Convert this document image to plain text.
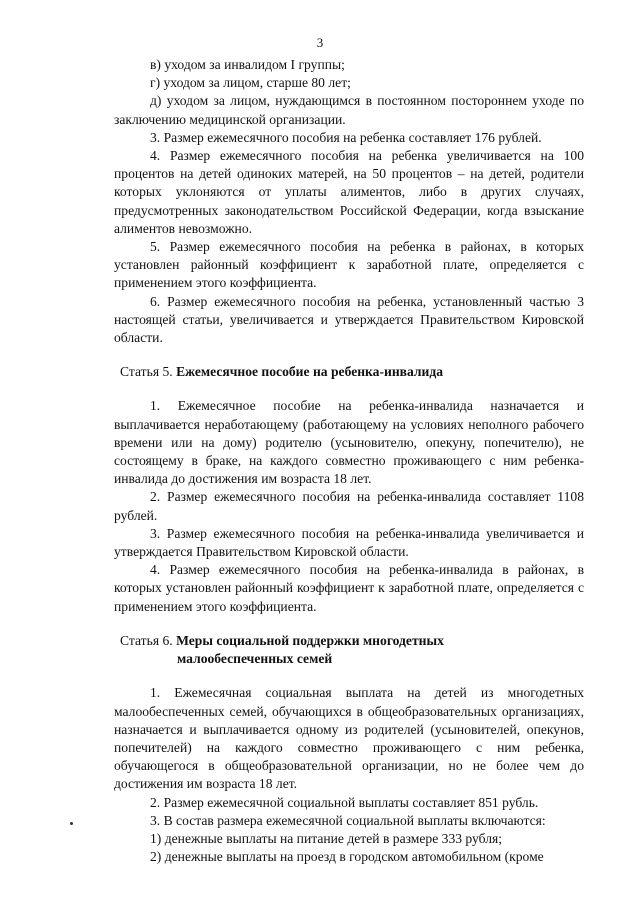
3

в) уходом за инвалидом I группы;

г) уходом за лицом, старше 80 лет;

д) уходом за лицом, нуждающимся в постоянном постороннем уходе по заключению медицинской организации.

3. Размер ежемесячного пособия на ребенка составляет 176 рублей.

4. Размер ежемесячного пособия на ребенка увеличивается на 100 процентов на детей одиноких матерей, на 50 процентов – на детей, родители которых уклоняются от уплаты алиментов, либо в других случаях, предусмотренных законодательством Российской Федерации, когда взыскание алиментов невозможно.

5. Размер ежемесячного пособия на ребенка в районах, в которых установлен районный коэффициент к заработной плате, определяется с применением этого коэффициента.

6. Размер ежемесячного пособия на ребенка, установленный частью 3 настоящей статьи, увеличивается и утверждается Правительством Кировской области.

Статья 5. Ежемесячное пособие на ребенка-инвалида

1. Ежемесячное пособие на ребенка-инвалида назначается и выплачивается неработающему (работающему на условиях неполного рабочего времени или на дому) родителю (усыновителю, опекуну, попечителю), не состоящему в браке, на каждого совместно проживающего с ним ребенка-инвалида до достижения им возраста 18 лет.

2. Размер ежемесячного пособия на ребенка-инвалида составляет 1108 рублей.

3. Размер ежемесячного пособия на ребенка-инвалида увеличивается и утверждается Правительством Кировской области.

4. Размер ежемесячного пособия на ребенка-инвалида в районах, в которых установлен районный коэффициент к заработной плате, определяется с применением этого коэффициента.

Статья 6. Меры социальной поддержки многодетных
малообеспеченных семей

1. Ежемесячная социальная выплата на детей из многодетных малообеспеченных семей, обучающихся в общеобразовательных организациях, назначается и выплачивается одному из родителей (усыновителей, опекунов, попечителей) на каждого совместно проживающего с ним ребенка, обучающегося в общеобразовательной организации, но не более чем до достижения им возраста 18 лет.

2. Размер ежемесячной социальной выплаты составляет 851 рубль.

3. В состав размера ежемесячной социальной выплаты включаются:

1) денежные выплаты на питание детей в размере 333 рубля;

2) денежные выплаты на проезд в городском автомобильном (кроме
